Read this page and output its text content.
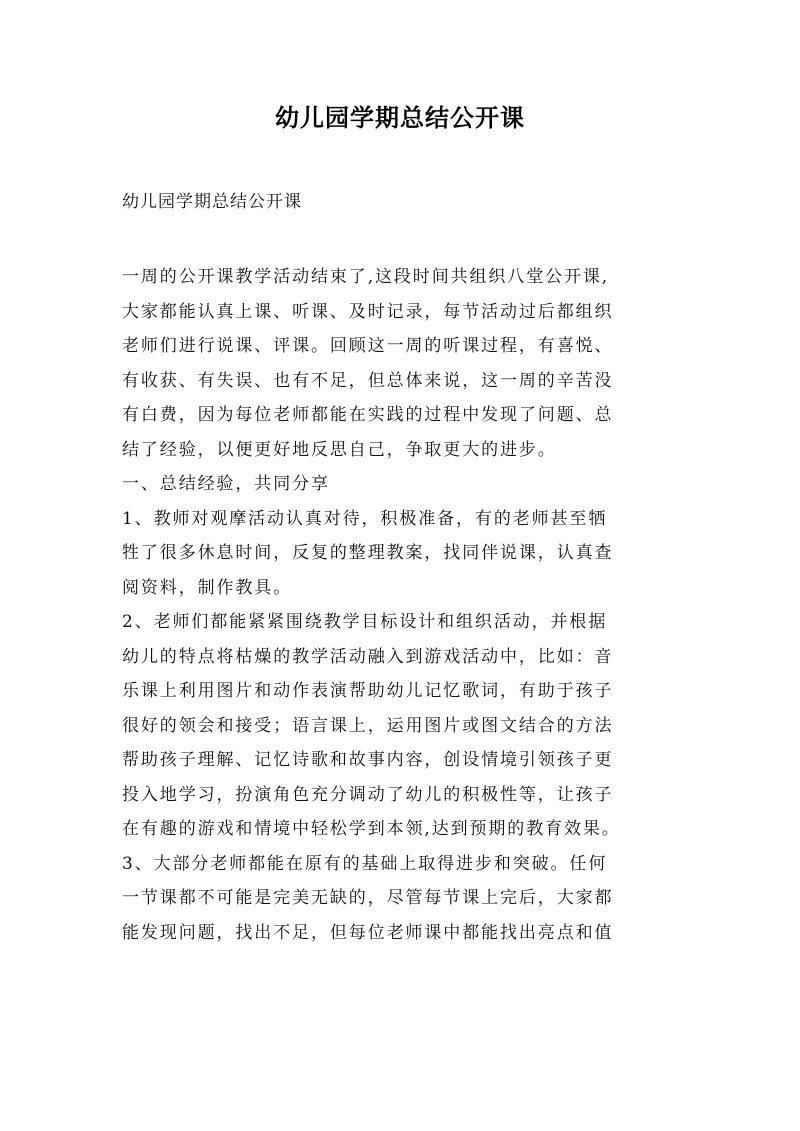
幼儿园学期总结公开课
幼儿园学期总结公开课
一周的公开课教学活动结束了,这段时间共组织八堂公开课,
大家都能认真上课、听课、及时记录，每节活动过后都组织
老师们进行说课、评课。回顾这一周的听课过程，有喜悦、
有收获、有失误、也有不足，但总体来说，这一周的辛苦没
有白费，因为每位老师都能在实践的过程中发现了问题、总
结了经验，以便更好地反思自己，争取更大的进步。
一、总结经验，共同分享
1、教师对观摩活动认真对待，积极准备，有的老师甚至牺
牲了很多休息时间，反复的整理教案，找同伴说课，认真查
阅资料，制作教具。
2、老师们都能紧紧围绕教学目标设计和组织活动，并根据
幼儿的特点将枯燥的教学活动融入到游戏活动中，比如：音
乐课上利用图片和动作表演帮助幼儿记忆歌词，有助于孩子
很好的领会和接受；语言课上，运用图片或图文结合的方法
帮助孩子理解、记忆诗歌和故事内容，创设情境引领孩子更
投入地学习，扮演角色充分调动了幼儿的积极性等，让孩子
在有趣的游戏和情境中轻松学到本领,达到预期的教育效果。
3、大部分老师都能在原有的基础上取得进步和突破。任何
一节课都不可能是完美无缺的，尽管每节课上完后，大家都
能发现问题，找出不足，但每位老师课中都能找出亮点和值
